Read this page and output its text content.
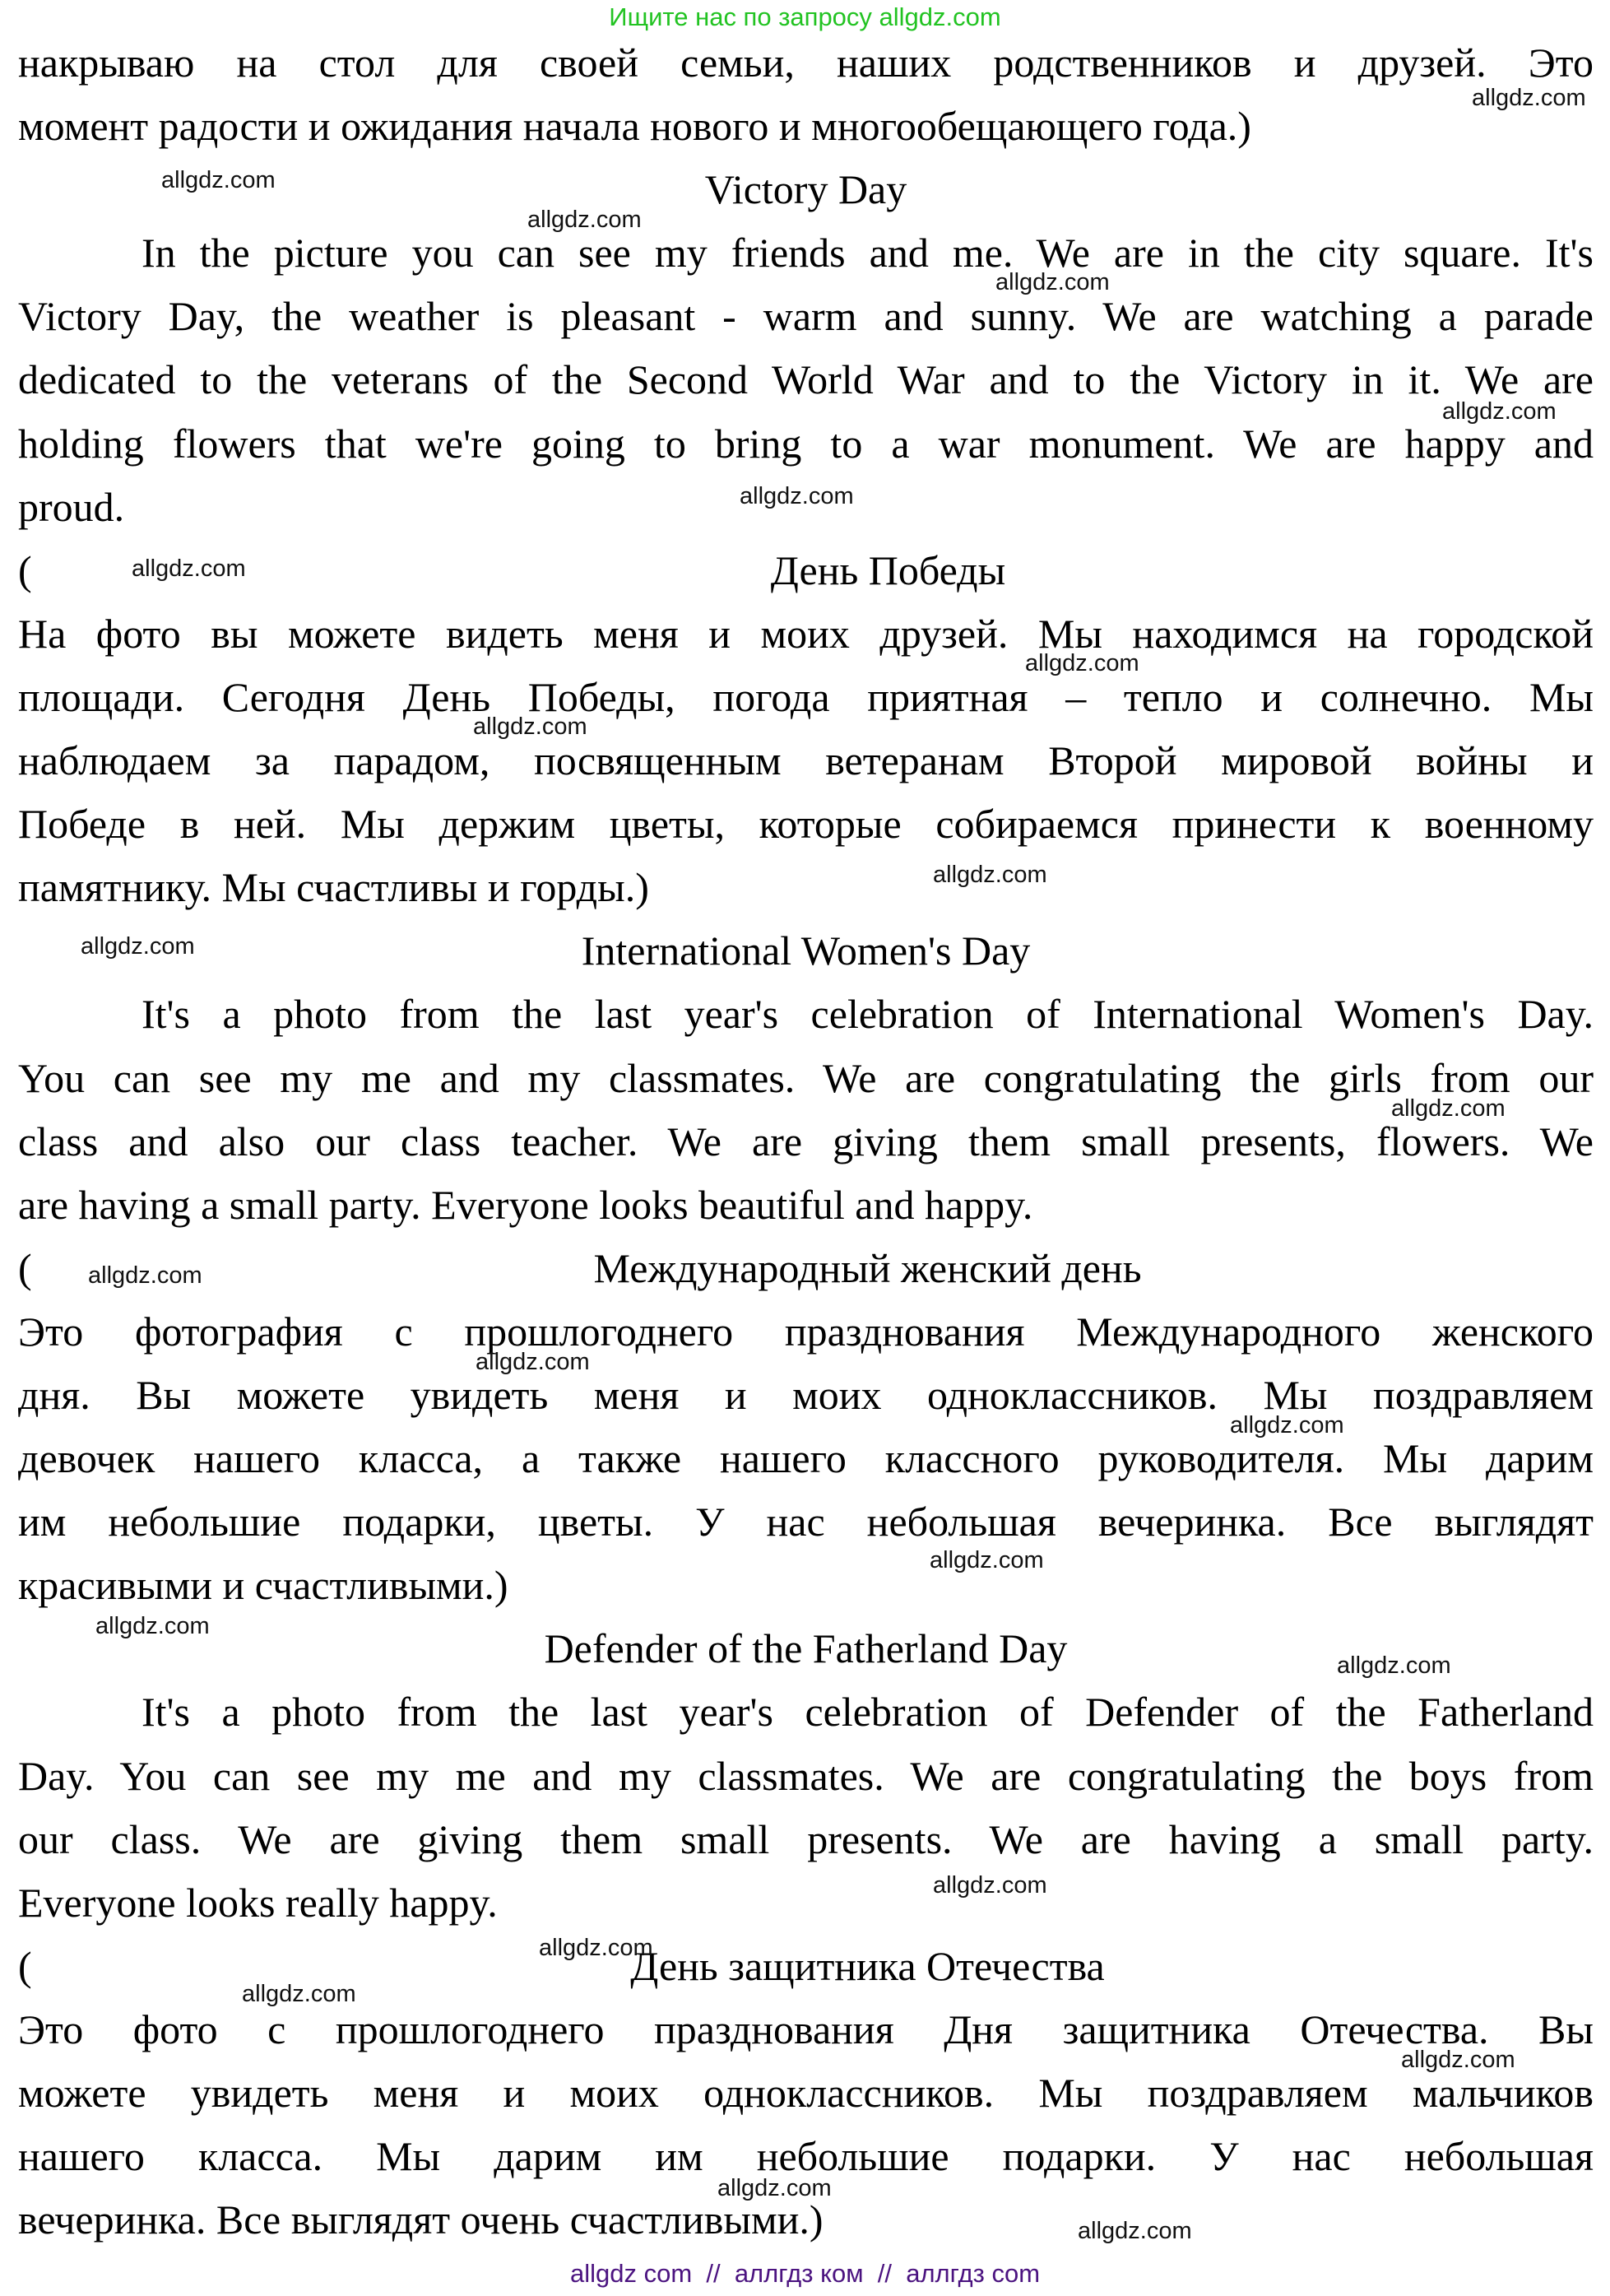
Ищите нас по запросу allgdz.com
накрываю на стол для своей семьи, наших родственников и друзей. Это
момент радости и ожидания начала нового и многообещающего года.)
Victory Day
In the picture you can see my friends and me. We are in the city square. It's
Victory Day, the weather is pleasant - warm and sunny. We are watching a parade
dedicated to the veterans of the Second World War and to the Victory in it. We are
holding flowers that we're going to bring to a war monument. We are happy and
proud.
(	День Победы
На фото вы можете видеть меня и моих друзей. Мы находимся на городской
площади. Сегодня День Победы, погода приятная – тепло и солнечно. Мы
наблюдаем за парадом, посвященным ветеранам Второй мировой войны и
Победе в ней. Мы держим цветы, которые собираемся принести к военному
памятнику. Мы счастливы и горды.)
International Women's Day
It's a photo from the last year's celebration of International Women's Day.
You can see my me and my classmates. We are congratulating the girls from our
class and also our class teacher. We are giving them small presents, flowers. We
are having a small party. Everyone looks beautiful and happy.
(	Международный женский день
Это фотография с прошлогоднего празднования Международного женского
дня. Вы можете увидеть меня и моих одноклассников. Мы поздравляем
девочек нашего класса, а также нашего классного руководителя. Мы дарим
им небольшие подарки, цветы. У нас небольшая вечеринка. Все выглядят
красивыми и счастливыми.)
Defender of the Fatherland Day
It's a photo from the last year's celebration of Defender of the Fatherland
Day. You can see my me and my classmates. We are congratulating the boys from
our class. We are giving them small presents. We are having a small party.
Everyone looks really happy.
(	День защитника Отечества
Это фото с прошлогоднего празднования Дня защитника Отечества. Вы
можете увидеть меня и моих одноклассников. Мы поздравляем мальчиков
нашего класса. Мы дарим им небольшие подарки. У нас небольшая
вечеринка. Все выглядят очень счастливыми.)
allgdz.com
allgdz.com
allgdz.com
allgdz.com
allgdz.com
allgdz.com
allgdz.com
allgdz.com
allgdz.com
allgdz.com
allgdz.com
allgdz.com
allgdz.com
allgdz.com
allgdz.com
allgdz.com
allgdz.com
allgdz.com
allgdz.com
allgdz.com
allgdz.com
allgdz.com
allgdz.com
allgdz.com
allgdz com  //  аллгдз ком  //  аллгдз com
